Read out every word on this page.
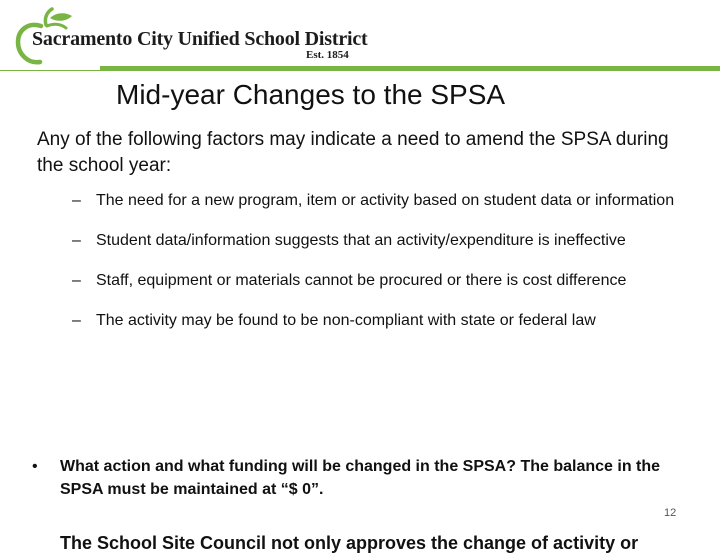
Sacramento City Unified School District
Est. 1854
Mid-year Changes to the SPSA

Any of the following factors may indicate a need to amend the SPSA during the school year:

– The need for a new program, item or activity based on student data or information
– Student data/information suggests that an activity/expenditure is ineffective
– Staff, equipment or materials cannot be procured or there is cost difference
– The activity may be found to be non-compliant with state or federal law
• What action and what funding will be changed in the SPSA? The balance in the SPSA must be maintained at “$ 0”.
12
The School Site Council not only approves the change of activity or
